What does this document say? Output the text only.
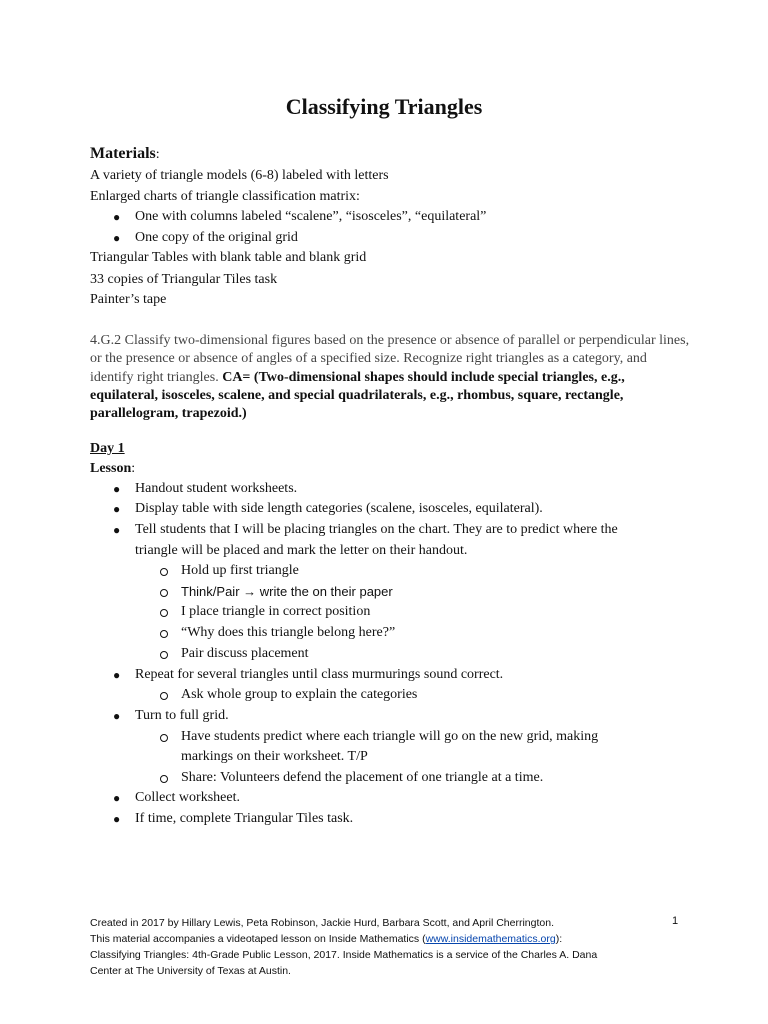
Classifying Triangles
Materials:
A variety of triangle models (6-8) labeled with letters
Enlarged charts of triangle classification matrix:
● One with columns labeled “scalene”, “isosceles”, “equilateral”
● One copy of the original grid
Triangular Tables with blank table and blank grid
33 copies of Triangular Tiles task
Painter’s tape

4.G.2 Classify two-dimensional figures based on the presence or absence of parallel or perpendicular lines, or the presence or absence of angles of a specified size. Recognize right triangles as a category, and identify right triangles. CA= (Two-dimensional shapes should include special triangles, e.g., equilateral, isosceles, scalene, and special quadrilaterals, e.g., rhombus, square, rectangle, parallelogram, trapezoid.)

Day 1
Lesson:
● Handout student worksheets.
● Display table with side length categories (scalene, isosceles, equilateral).
● Tell students that I will be placing triangles on the chart. They are to predict where the
triangle will be placed and mark the letter on their handout.
Hold up first triangle
Think/Pair → write the on their paper
I place triangle in correct position
“Why does this triangle belong here?”
Pair discuss placement
● Repeat for several triangles until class murmurings sound correct.
Ask whole group to explain the categories
● Turn to full grid.
Have students predict where each triangle will go on the new grid, making
markings on their worksheet. T/P
Share: Volunteers defend the placement of one triangle at a time.
● Collect worksheet.
● If time, complete Triangular Tiles task.

Created in 2017 by Hillary Lewis, Peta Robinson, Jackie Hurd, Barbara Scott, and April Cherrington.
This material accompanies a videotaped lesson on Inside Mathematics (www.insidemathematics.org):
Classifying Triangles: 4th-Grade Public Lesson, 2017. Inside Mathematics is a service of the Charles A. Dana
Center at The University of Texas at Austin.

1
